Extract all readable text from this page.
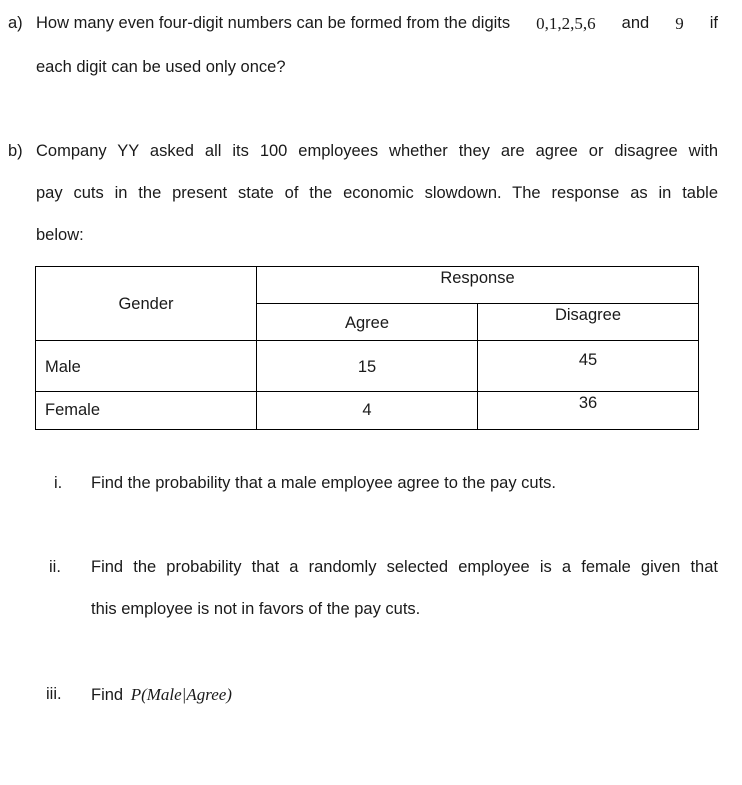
a) How many even four-digit numbers can be formed from the digits 0,1,2,5,6 and 9 if
each digit can be used only once?
b) Company YY asked all its 100 employees whether they are agree or disagree with
pay cuts in the present state of the economic slowdown. The response as in table
below:
Gender	Response	

	Agree	Disagree

Male	15	45

Female	4	36
i.	Find the probability that a male employee agree to the pay cuts.
ii.	Find the probability that a randomly selected employee is a female given that
this employee is not in favors of the pay cuts.
iii.	Find P(Male|Agree)
